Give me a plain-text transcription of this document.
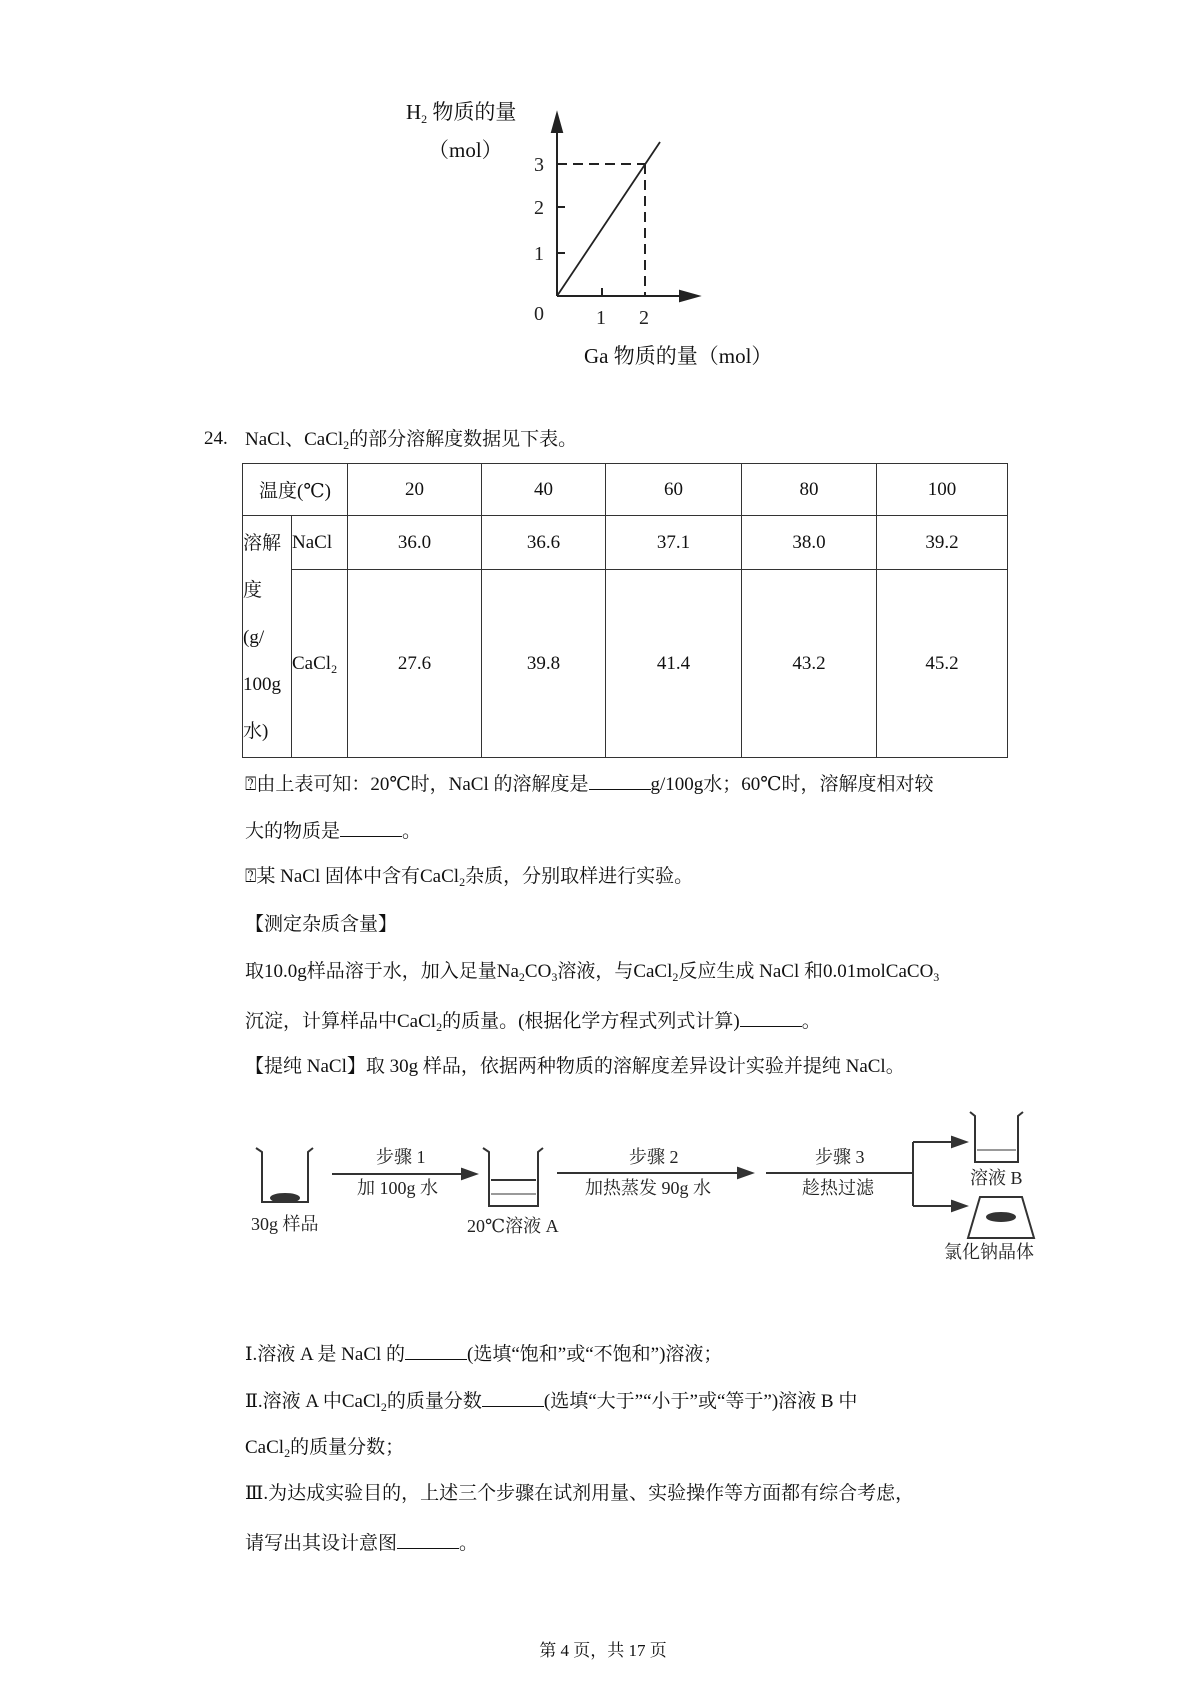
$H_2$ 物质的量
（mol）
3
2
1
0	1 2
Ga 物质的量（mol）
24. NaCl、CaCl$_2$的部分溶解度数据见下表。
温度(℃)		20	40	60	80	100

溶解
度
(g/
100g
水)	NaCl	36.0	36.6	37.1	38.0	39.2
	CaCl$_2$	27.6	39.8	41.4	43.2	45.2
⍰由上表可知：20℃时，NaCl 的溶解度是	g/100g水；60℃时，溶解度相对较
大的物质是	。
⍰某 NaCl 固体中含有CaCl$_2$杂质，分别取样进行实验。
【测定杂质含量】
取10.0g样品溶于水，加入足量$Na_2CO_3$溶液，与CaCl$_2$反应生成 NaCl 和0.01molCaCO$_3$
沉淀，计算样品中CaCl$_2$的质量。(根据化学方程式列式计算)	。
【提纯 NaCl】取 30g 样品，依据两种物质的溶解度差异设计实验并提纯 NaCl。
30g 样品
步骤 1
加 100g 水
20℃溶液 A
步骤 2
加热蒸发 90g 水
步骤 3
趁热过滤	溶液 B
氯化钠晶体
Ⅰ.溶液 A 是 NaCl 的	(选填“饱和”或“不饱和”)溶液；
Ⅱ.溶液 A 中CaCl$_2$的质量分数	(选填“大于”“小于”或“等于”)溶液 B 中
CaCl$_2$的质量分数；
Ⅲ.为达成实验目的，上述三个步骤在试剂用量、实验操作等方面都有综合考虑，
请写出其设计意图	。
第 4 页，共 17 页
